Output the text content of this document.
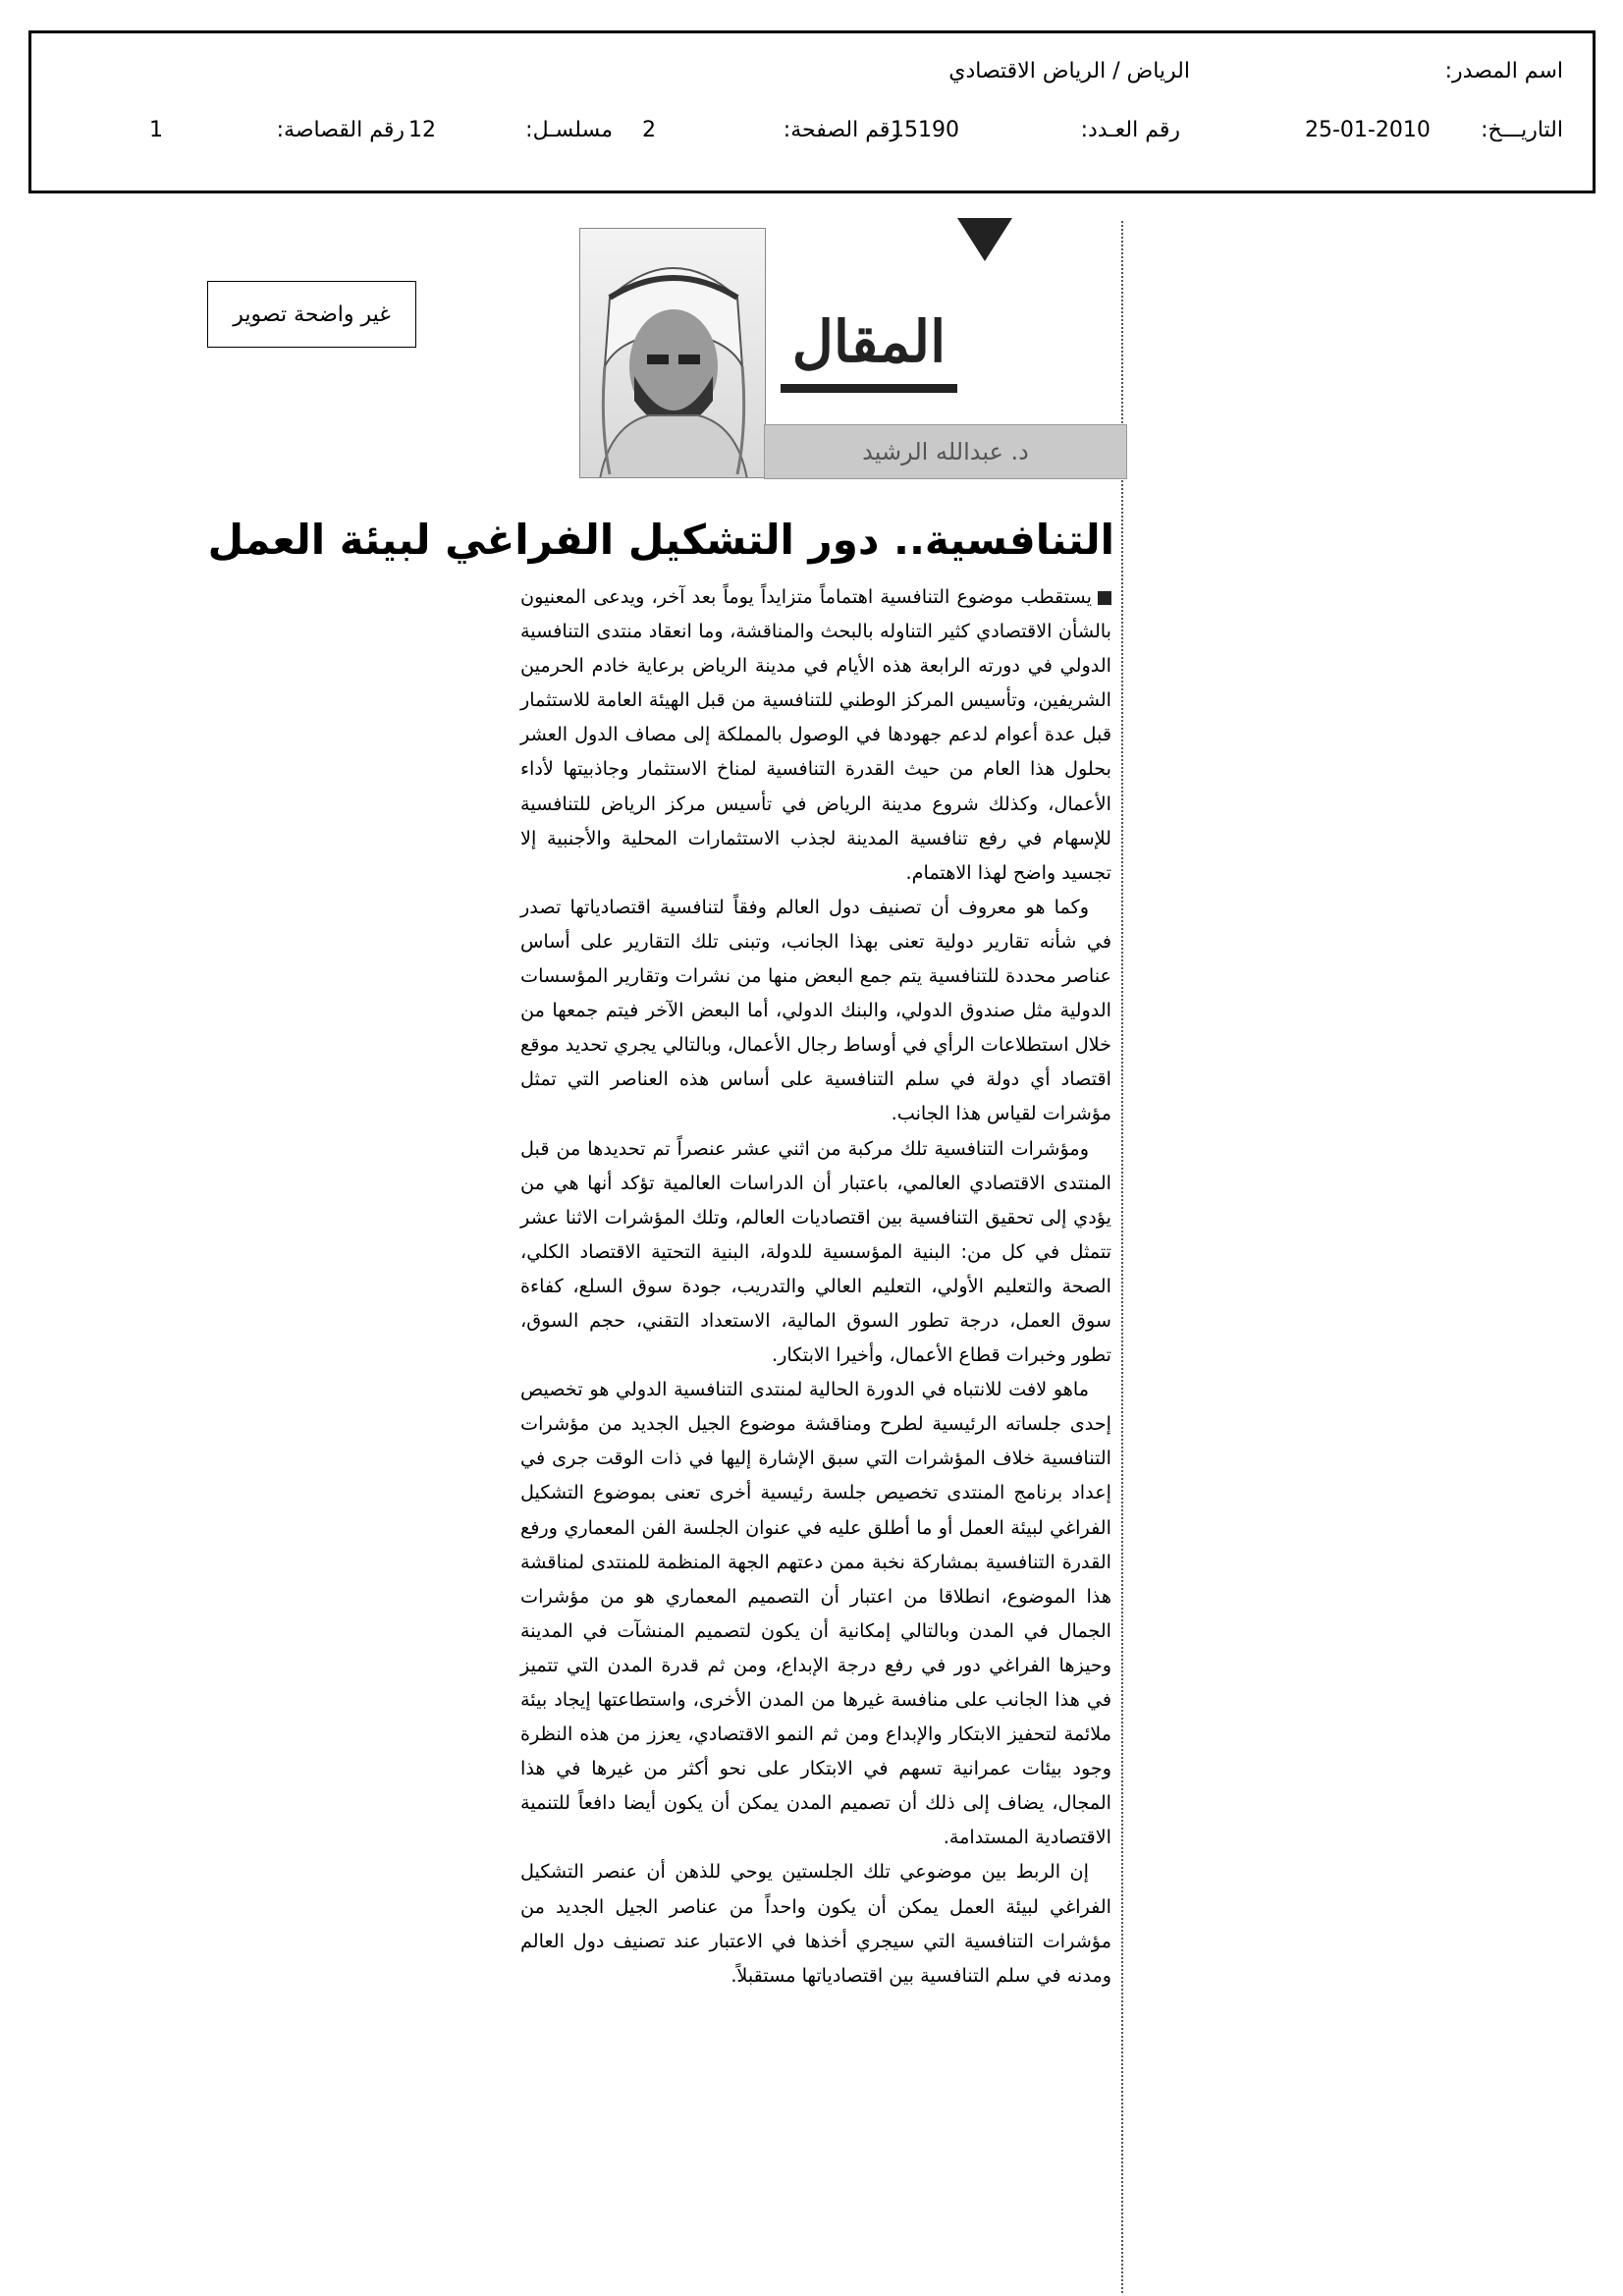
اسم المصدر:
الرياض / الرياض الاقتصادي
التاريـــخ:
25-01-2010
رقم العـدد:
15190
رقم الصفحة:
2
مسلسـل:
12
رقم القصاصة:
1
غير واضحة تصوير	المقال
د. عبدالله الرشيد
التنافسية.. دور التشكيل الفراغي لبيئة العمل

يستقطب موضوع التنافسية اهتماماً متزايداً يوماً بعد آخر، ويدعى المعنيون بالشأن الاقتصادي كثير التناوله بالبحث والمناقشة، وما انعقاد منتدى التنافسية الدولي في دورته الرابعة هذه الأيام في مدينة الرياض برعاية خادم الحرمين الشريفين، وتأسيس المركز الوطني للتنافسية من قبل الهيئة العامة للاستثمار قبل عدة أعوام لدعم جهودها في الوصول بالمملكة إلى مصاف الدول العشر بحلول هذا العام من حيث القدرة التنافسية لمناخ الاستثمار وجاذبيتها لأداء الأعمال، وكذلك شروع مدينة الرياض في تأسيس مركز الرياض للتنافسية للإسهام في رفع تنافسية المدينة لجذب الاستثمارات المحلية والأجنبية إلا تجسيد واضح لهذا الاهتمام.

وكما هو معروف أن تصنيف دول العالم وفقاً لتنافسية اقتصادياتها تصدر في شأنه تقارير دولية تعنى بهذا الجانب، وتبنى تلك التقارير على أساس عناصر محددة للتنافسية يتم جمع البعض منها من نشرات وتقارير المؤسسات الدولية مثل صندوق الدولي، والبنك الدولي، أما البعض الآخر فيتم جمعها من خلال استطلاعات الرأي في أوساط رجال الأعمال، وبالتالي يجري تحديد موقع اقتصاد أي دولة في سلم التنافسية على أساس هذه العناصر التي تمثل مؤشرات لقياس هذا الجانب.

ومؤشرات التنافسية تلك مركبة من اثني عشر عنصراً تم تحديدها من قبل المنتدى الاقتصادي العالمي، باعتبار أن الدراسات العالمية تؤكد أنها هي من يؤدي إلى تحقيق التنافسية بين اقتصاديات العالم، وتلك المؤشرات الاثنا عشر تتمثل في كل من: البنية المؤسسية للدولة، البنية التحتية الاقتصاد الكلي، الصحة والتعليم الأولي، التعليم العالي والتدريب، جودة سوق السلع، كفاءة سوق العمل، درجة تطور السوق المالية، الاستعداد التقني، حجم السوق، تطور وخبرات قطاع الأعمال، وأخيرا الابتكار.

ماهو لافت للانتباه في الدورة الحالية لمنتدى التنافسية الدولي هو تخصيص إحدى جلساته الرئيسية لطرح ومناقشة موضوع الجيل الجديد من مؤشرات التنافسية خلاف المؤشرات التي سبق الإشارة إليها في ذات الوقت جرى في إعداد برنامج المنتدى تخصيص جلسة رئيسية أخرى تعنى بموضوع التشكيل الفراغي لبيئة العمل أو ما أطلق عليه في عنوان الجلسة الفن المعماري ورفع القدرة التنافسية بمشاركة نخبة ممن دعتهم الجهة المنظمة للمنتدى لمناقشة هذا الموضوع، انطلاقا من اعتبار أن التصميم المعماري هو من مؤشرات الجمال في المدن وبالتالي إمكانية أن يكون لتصميم المنشآت في المدينة وحيزها الفراغي دور في رفع درجة الإبداع، ومن ثم قدرة المدن التي تتميز في هذا الجانب على منافسة غيرها من المدن الأخرى، واستطاعتها إيجاد بيئة ملائمة لتحفيز الابتكار والإبداع ومن ثم النمو الاقتصادي، يعزز من هذه النظرة وجود بيئات عمرانية تسهم في الابتكار على نحو أكثر من غيرها في هذا المجال، يضاف إلى ذلك أن تصميم المدن يمكن أن يكون أيضا دافعاً للتنمية الاقتصادية المستدامة.

إن الربط بين موضوعي تلك الجلستين يوحي للذهن أن عنصر التشكيل الفراغي لبيئة العمل يمكن أن يكون واحداً من عناصر الجيل الجديد من مؤشرات التنافسية التي سيجري أخذها في الاعتبار عند تصنيف دول العالم ومدنه في سلم التنافسية بين اقتصادياتها مستقبلاً.
